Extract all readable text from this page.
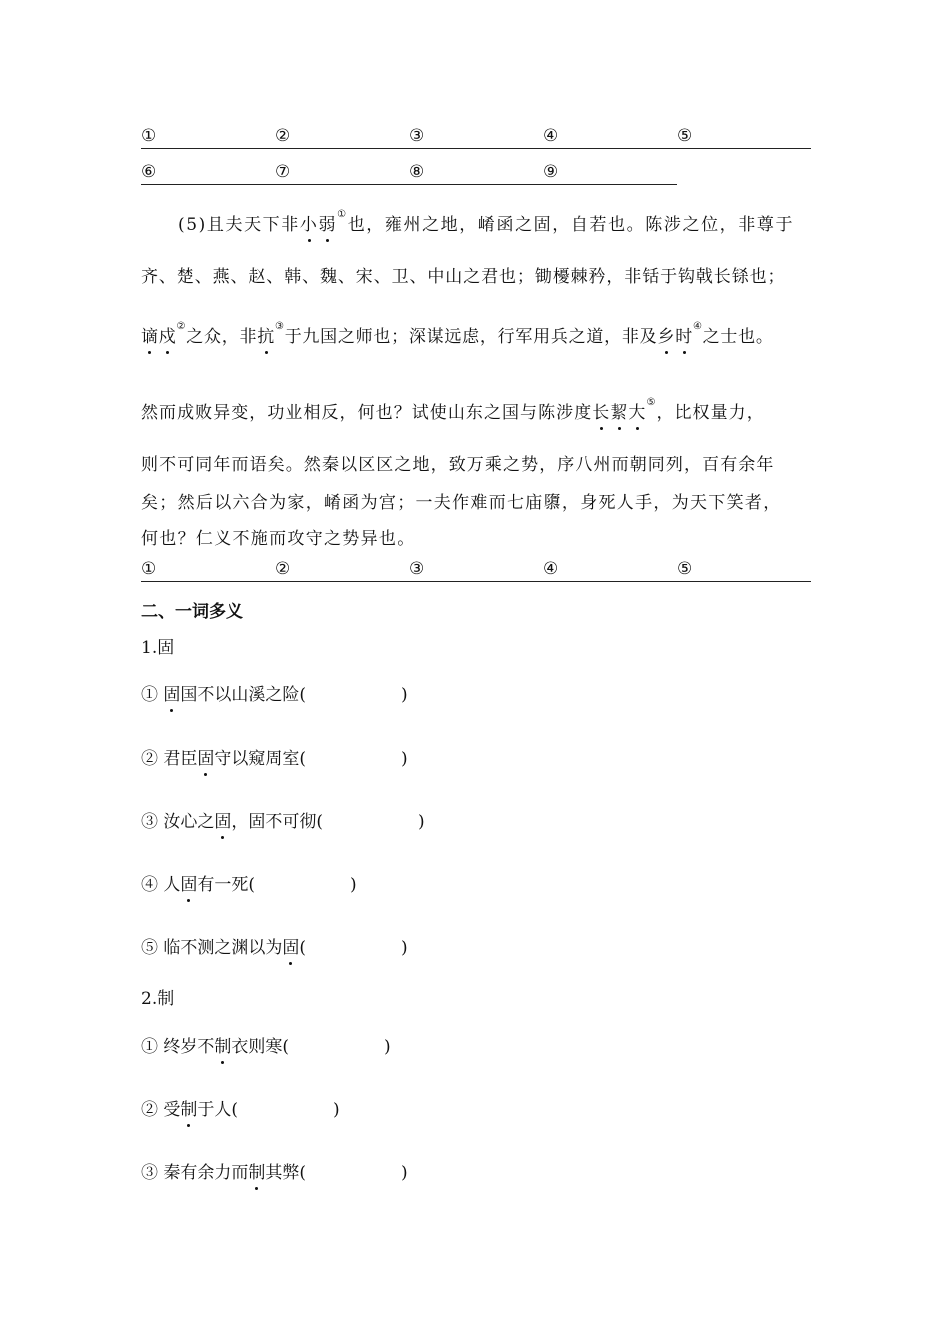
①	②	③	④	⑤
⑥	⑦	⑧	⑨
(5)且夫天下非小弱①也，雍州之地，崤函之固，自若也。陈涉之位，非尊于
齐、楚、燕、赵、韩、魏、宋、卫、中山之君也；锄櫌棘矜，非铦于钩戟长铩也；
谪戍②之众，非抗③于九国之师也；深谋远虑，行军用兵之道，非及乡时④之士也。
然而成败异变，功业相反，何也？试使山东之国与陈涉度长絜大⑤，比权量力，
则不可同年而语矣。然秦以区区之地，致万乘之势，序八州而朝同列，百有余年
矣；然后以六合为家，崤函为宫；一夫作难而七庙隳，身死人手，为天下笑者，
何也？仁义不施而攻守之势异也。
①	②	③	④	⑤
二、一词多义
1.固
① 固国不以山溪之险(	)
② 君臣固守以窥周室(	)
③ 汝心之固，固不可彻(	)
④ 人固有一死(	)
⑤ 临不测之渊以为固(	)
2.制
① 终岁不制衣则寒(	)
② 受制于人(	)
③ 秦有余力而制其弊(	)
